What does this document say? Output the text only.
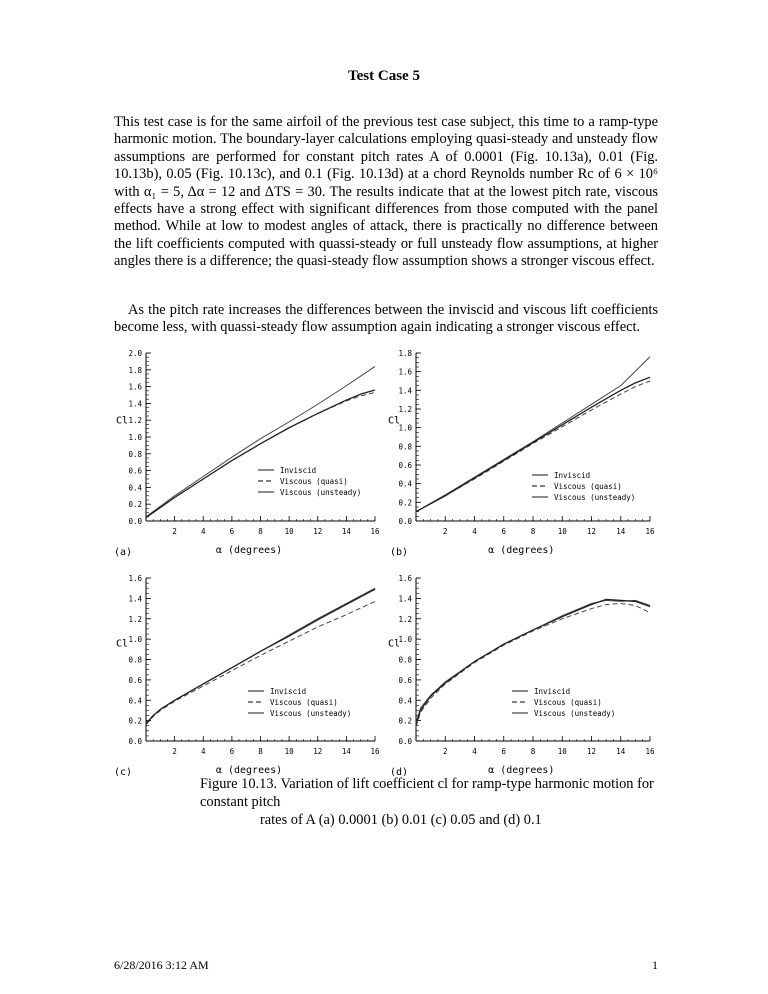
Test Case 5

This test case is for the same airfoil of the previous test case subject, this time to a ramp-type harmonic motion. The boundary-layer calculations employing quasi-steady and unsteady flow assumptions are performed for constant pitch rates A of 0.0001 (Fig. 10.13a), 0.01 (Fig. 10.13b), 0.05 (Fig. 10.13c), and 0.1 (Fig. 10.13d) at a chord Reynolds number Rc of 6 × 10⁶ with α₁ = 5, Δα = 12 and ΔTS = 30. The results indicate that at the lowest pitch rate, viscous effects have a strong effect with significant differences from those computed with the panel method. While at low to modest angles of attack, there is practically no difference between the lift coefficients computed with quassi-steady or full unsteady flow assumptions, at higher angles there is a difference; the quasi-steady flow assumption shows a stronger viscous effect.

As the pitch rate increases the differences between the inviscid and viscous lift coefficients become less, with quassi-steady flow assumption again indicating a stronger viscous effect.

2	4	6	8	10	12	14	16
0.0
0.2
0.4
0.6
0.8
1.0
1.2
1.4
1.6
1.8
2.0
Cl
α (degrees)
(a)
Inviscid
Viscous (quasi)
Viscous (unsteady)
2	4	6	8	10	12	14	16
0.0
0.2
0.4
0.6
0.8
1.0
1.2
1.4
1.6
1.8
Cl
α (degrees)
(b)
Inviscid
Viscous (quasi)
Viscous (unsteady)
2	4	6	8	10	12	14	16
0.0
0.2
0.4
0.6
0.8
1.0
1.2
1.4
1.6
Cl
α (degrees)
(c)
Inviscid
Viscous (quasi)
Viscous (unsteady)
2	4	6	8	10	12	14	16
0.0
0.2
0.4
0.6
0.8
1.0
1.2
1.4
1.6
Cl
α (degrees)
(d)
Inviscid
Viscous (quasi)
Viscous (unsteady)
Figure 10.13. Variation of lift coefficient cl for ramp-type harmonic motion for constant pitch
rates of A (a) 0.0001 (b) 0.01 (c) 0.05 and (d) 0.1
6/28/2016 3:12 AM	1
